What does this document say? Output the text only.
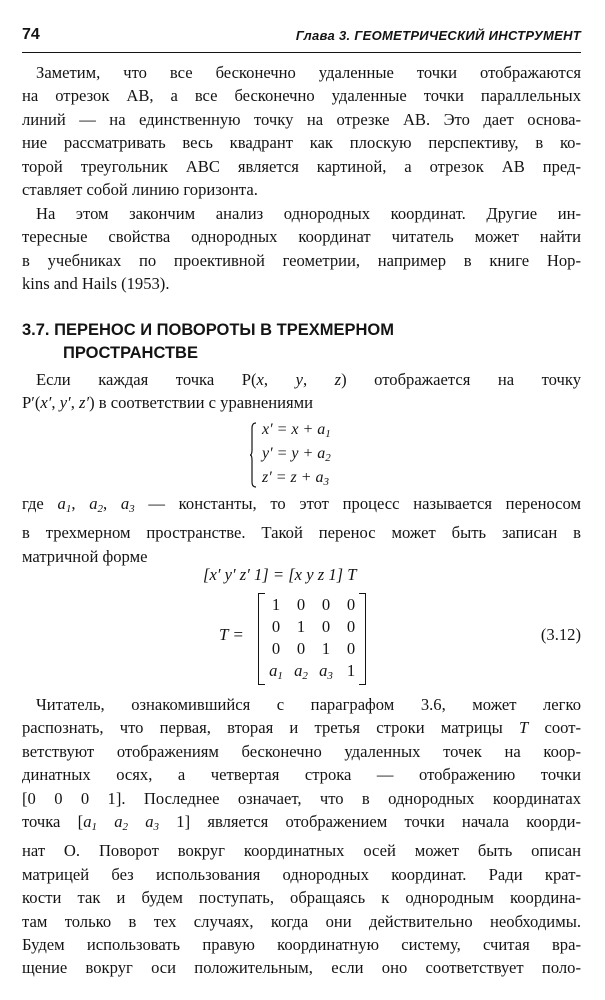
74	Глава 3. ГЕОМЕТРИЧЕСКИЙ ИНСТРУМЕНТ
Заметим, что все бесконечно удаленные точки отображаются
на отрезок AB, а все бесконечно удаленные точки параллельных
линий — на единственную точку на отрезке AB. Это дает основа-
ние рассматривать весь квадрант как плоскую перспективу, в ко-
торой треугольник ABC является картиной, а отрезок AB пред-
ставляет собой линию горизонта.
На этом закончим анализ однородных координат. Другие ин-
тересные свойства однородных координат читатель может найти
в учебниках по проективной геометрии, например в книге Hop-
kins and Hails (1953).
3.7. ПЕРЕНОС И ПОВОРОТЫ В ТРЕХМЕРНОМ
ПРОСТРАНСТВЕ
Если каждая точка P(x, y, z) отображается на точку
P′(x′, y′, z′) в соответствии с уравнениями
$x' = x + a_1$
$y' = y + a_2$
$z' = z + a_3$
где $a_1$, $a_2$, $a_3$ — константы, то этот процесс называется переносом
в трехмерном пространстве. Такой перенос может быть записан в
матричной форме
[x′ y′ z′ 1] = [x y z 1] T
T =
1	0	0	0
0	1	0	0
0	0	1	0
$a_1$ $a_2$ $a_3$ 1
(3.12)
Читатель, ознакомившийся с параграфом 3.6, может легко
распознать, что первая, вторая и третья строки матрицы T соот-
ветствуют отображениям бесконечно удаленных точек на коор-
динатных осях, а четвертая строка — отображению точки
[0 0 0 1]. Последнее означает, что в однородных координатах
точка [$a_1$ $a_2$ $a_3$ 1] является отображением точки начала коорди-
нат O. Поворот вокруг координатных осей может быть описан
матрицей без использования однородных координат. Ради крат-
кости так и будем поступать, обращаясь к однородным координа-
там только в тех случаях, когда они действительно необходимы.
Будем использовать правую координатную систему, считая вра-
щение вокруг оси положительным, если оно соответствует поло-
